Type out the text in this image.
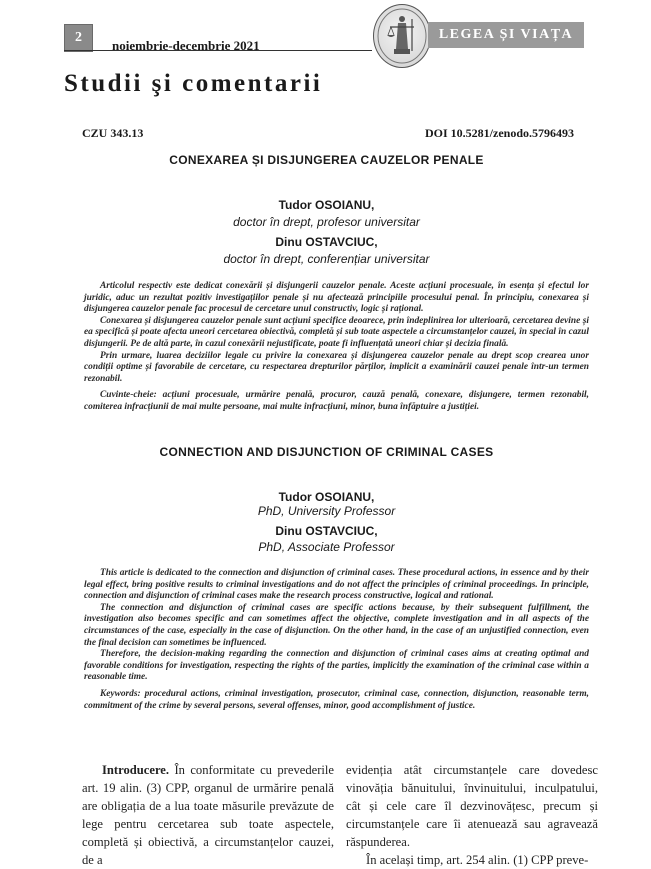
2
noiembrie-decembrie 2021
LEGEA ȘI VIAȚA
Studii şi comentarii
CZU 343.13	DOI 10.5281/zenodo.5796493
CONEXAREA ȘI DISJUNGEREA CAUZELOR PENALE
Tudor OSOIANU,
doctor în drept, profesor universitar
Dinu OSTAVCIUC,
doctor în drept, conferențiar universitar

Articolul respectiv este dedicat conexării și disjungerii cauzelor penale. Aceste acțiuni procesuale, în esența și efectul lor juridic, aduc un rezultat pozitiv investigațiilor penale și nu afectează principiile procesului penal. În principiu, conexarea și disjungerea cauzelor penale fac procesul de cercetare unul constructiv, logic și rațional.

Conexarea și disjungerea cauzelor penale sunt acțiuni specifice deoarece, prin îndeplinirea lor ulterioară, cercetarea devine și ea specifică și poate afecta uneori cercetarea obiectivă, completă și sub toate aspectele a circumstanțelor cauzei, în special în cazul disjungerii. Pe de altă parte, în cazul conexării nejustificate, poate fi influențată uneori chiar și decizia finală.

Prin urmare, luarea deciziilor legale cu privire la conexarea și disjungerea cauzelor penale au drept scop crearea unor condiții optime și favorabile de cercetare, cu respectarea drepturilor părților, implicit a examinării cauzei penale într-un termen rezonabil.

Cuvinte-cheie: acțiuni procesuale, urmărire penală, procuror, cauză penală, conexare, disjungere, termen rezonabil, comiterea infracțiunii de mai multe persoane, mai multe infracțiuni, minor, buna înfăptuire a justiției.

CONNECTION AND DISJUNCTION OF CRIMINAL CASES
Tudor OSOIANU,
PhD, University Professor
Dinu OSTAVCIUC,
PhD, Associate Professor

This article is dedicated to the connection and disjunction of criminal cases. These procedural actions, in essence and by their legal effect, bring positive results to criminal investigations and do not affect the principles of criminal proceedings. In principle, connection and disjunction of criminal cases make the research process constructive, logical and rational.

The connection and disjunction of criminal cases are specific actions because, by their subsequent fulfillment, the investigation also becomes specific and can sometimes affect the objective, complete investigation and in all aspects of the circumstances of the case, especially in the case of disjunction. On the other hand, in the case of an unjustified connection, even the final decision can sometimes be influenced.

Therefore, the decision-making regarding the connection and disjunction of criminal cases aims at creating optimal and favorable conditions for investigation, respecting the rights of the parties, implicitly the examination of the criminal case within a reasonable time.

Keywords: procedural actions, criminal investigation, prosecutor, criminal case, connection, disjunction, reasonable term, commitment of the crime by several persons, several offenses, minor, good accomplishment of justice.

Introducere. În conformitate cu prevederile art. 19 alin. (3) CPP, organul de urmărire penală are obligația de a lua toate măsurile prevăzute de lege pentru cercetarea sub toate aspectele, completă și obiectivă, a circumstanțelor cauzei, de a

evidenția atât circumstanțele care dovedesc vinovăția bănuitului, învinuitului, inculpatului, cât și cele care îl dezvinovățesc, precum și circumstanțele care îi atenuează sau agravează răspunderea.

În același timp, art. 254 alin. (1) CPP preve-
